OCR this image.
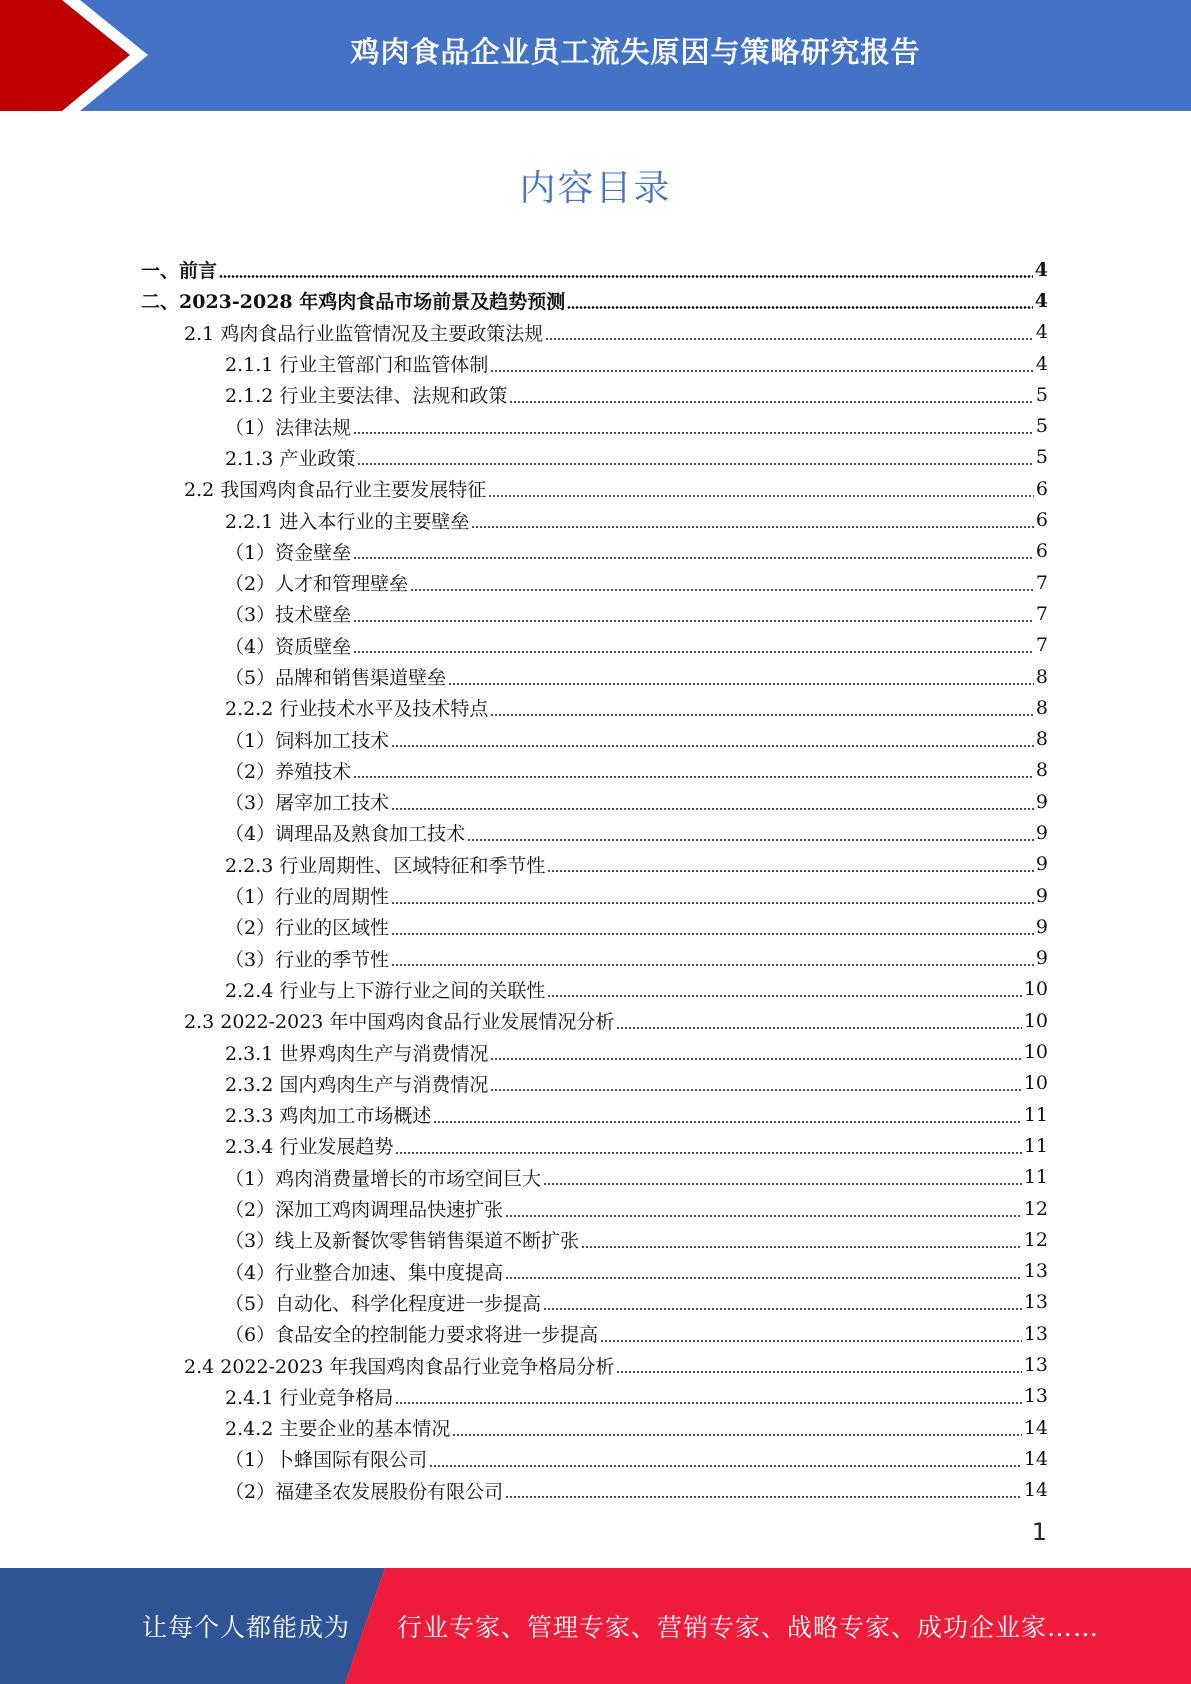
鸡肉食品企业员工流失原因与策略研究报告
内容目录
一、前言	4
二、2023-2028 年鸡肉食品市场前景及趋势预测	4
2.1 鸡肉食品行业监管情况及主要政策法规	4
2.1.1 行业主管部门和监管体制	4
2.1.2 行业主要法律、法规和政策	5
（1）法律法规	5
2.1.3 产业政策	5
2.2 我国鸡肉食品行业主要发展特征	6
2.2.1 进入本行业的主要壁垒	6
（1）资金壁垒	6
（2）人才和管理壁垒	7
（3）技术壁垒	7
（4）资质壁垒	7
（5）品牌和销售渠道壁垒	8
2.2.2 行业技术水平及技术特点	8
（1）饲料加工技术	8
（2）养殖技术	8
（3）屠宰加工技术	9
（4）调理品及熟食加工技术	9
2.2.3 行业周期性、区域特征和季节性	9
（1）行业的周期性	9
（2）行业的区域性	9
（3）行业的季节性	9
2.2.4 行业与上下游行业之间的关联性	10
2.3 2022-2023 年中国鸡肉食品行业发展情况分析	10
2.3.1 世界鸡肉生产与消费情况	10
2.3.2 国内鸡肉生产与消费情况	10
2.3.3 鸡肉加工市场概述	11
2.3.4 行业发展趋势	11
（1）鸡肉消费量增长的市场空间巨大	11
（2）深加工鸡肉调理品快速扩张	12
（3）线上及新餐饮零售销售渠道不断扩张	12
（4）行业整合加速、集中度提高	13
（5）自动化、科学化程度进一步提高	13
（6）食品安全的控制能力要求将进一步提高	13
2.4 2022-2023 年我国鸡肉食品行业竞争格局分析	13
2.4.1 行业竞争格局	13
2.4.2 主要企业的基本情况	14
（1）卜蜂国际有限公司	14
（2）福建圣农发展股份有限公司	14
1
让每个人都能成为 行业专家、管理专家、营销专家、战略专家、成功企业家……
